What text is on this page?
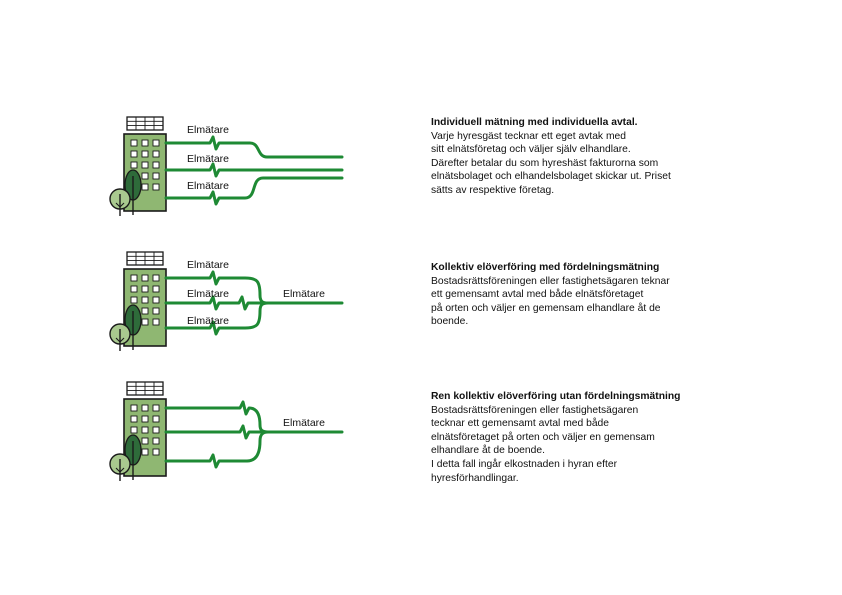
Elmätare
Elmätare
Elmätare
Elmätare
Elmätare
Elmätare
Elmätare
Elmätare
Individuell mätning med individuella avtal.
Varje hyresgäst tecknar ett eget avtak med
sitt elnätsföretag och väljer själv elhandlare.
Därefter betalar du som hyreshäst fakturorna som
elnätsbolaget och elhandelsbolaget skickar ut. Priset
sätts av respektive företag.
Kollektiv elöverföring med fördelningsmätning
Bostadsrättsföreningen eller fastighetsägaren teknar
ett gemensamt avtal med både elnätsföretaget
på orten och väljer en gemensam elhandlare åt de
boende.
Ren kollektiv elöverföring utan fördelningsmätning
Bostadsrättsföreningen eller fastighetsägaren
tecknar ett gemensamt avtal med både
elnätsföretaget på orten och väljer en gemensam
elhandlare åt de boende.
I detta fall ingår elkostnaden i hyran efter
hyresförhandlingar.
